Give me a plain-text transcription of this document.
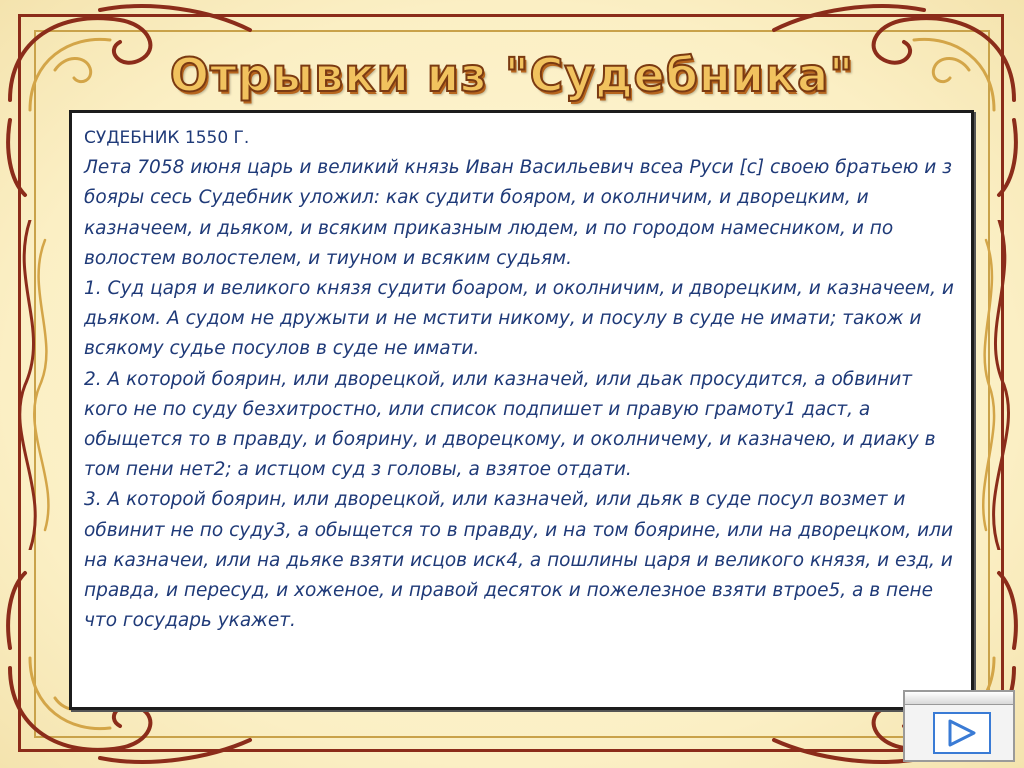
Отрывки из "Судебника"

СУДЕБНИК 1550 Г.

Лета 7058 июня царь и великий князь Иван Васильевич всеа Руси [с] своею братьею и з бояры сесь Судебник уложил: как судити бояром, и околничим, и дворецким, и казначеем, и дьяком, и всяким приказным людем, и по городом намесником, и по волостем волостелем, и тиуном и всяким судьям.

1. Суд царя и великого князя судити боаром, и околничим, и дворецким, и казначеем, и дьяком. А судом не дружыти и не мстити никому, и посулу в суде не имати; також и всякому судье посулов в суде не имати.

2. А которой боярин, или дворецкой, или казначей, или дьак просудится, а обвинит кого не по суду безхитростно, или список подпишет и правую грамоту1 даст, а обыщется то в правду, и боярину, и дворецкому, и околничему, и казначею, и диаку в том пени нет2; а истцом суд з головы, а взятое отдати.

3. А которой боярин, или дворецкой, или казначей, или дьяк в суде посул возмет и обвинит не по суду3, а обыщется то в правду, и на том боярине, или на дворецком, или на казначеи, или на дьяке взяти исцов иск4, а пошлины царя и великого князя, и езд, и правда, и пересуд, и хоженое, и правой десяток и пожелезное взяти втрое5, а в пене что государь укажет.
